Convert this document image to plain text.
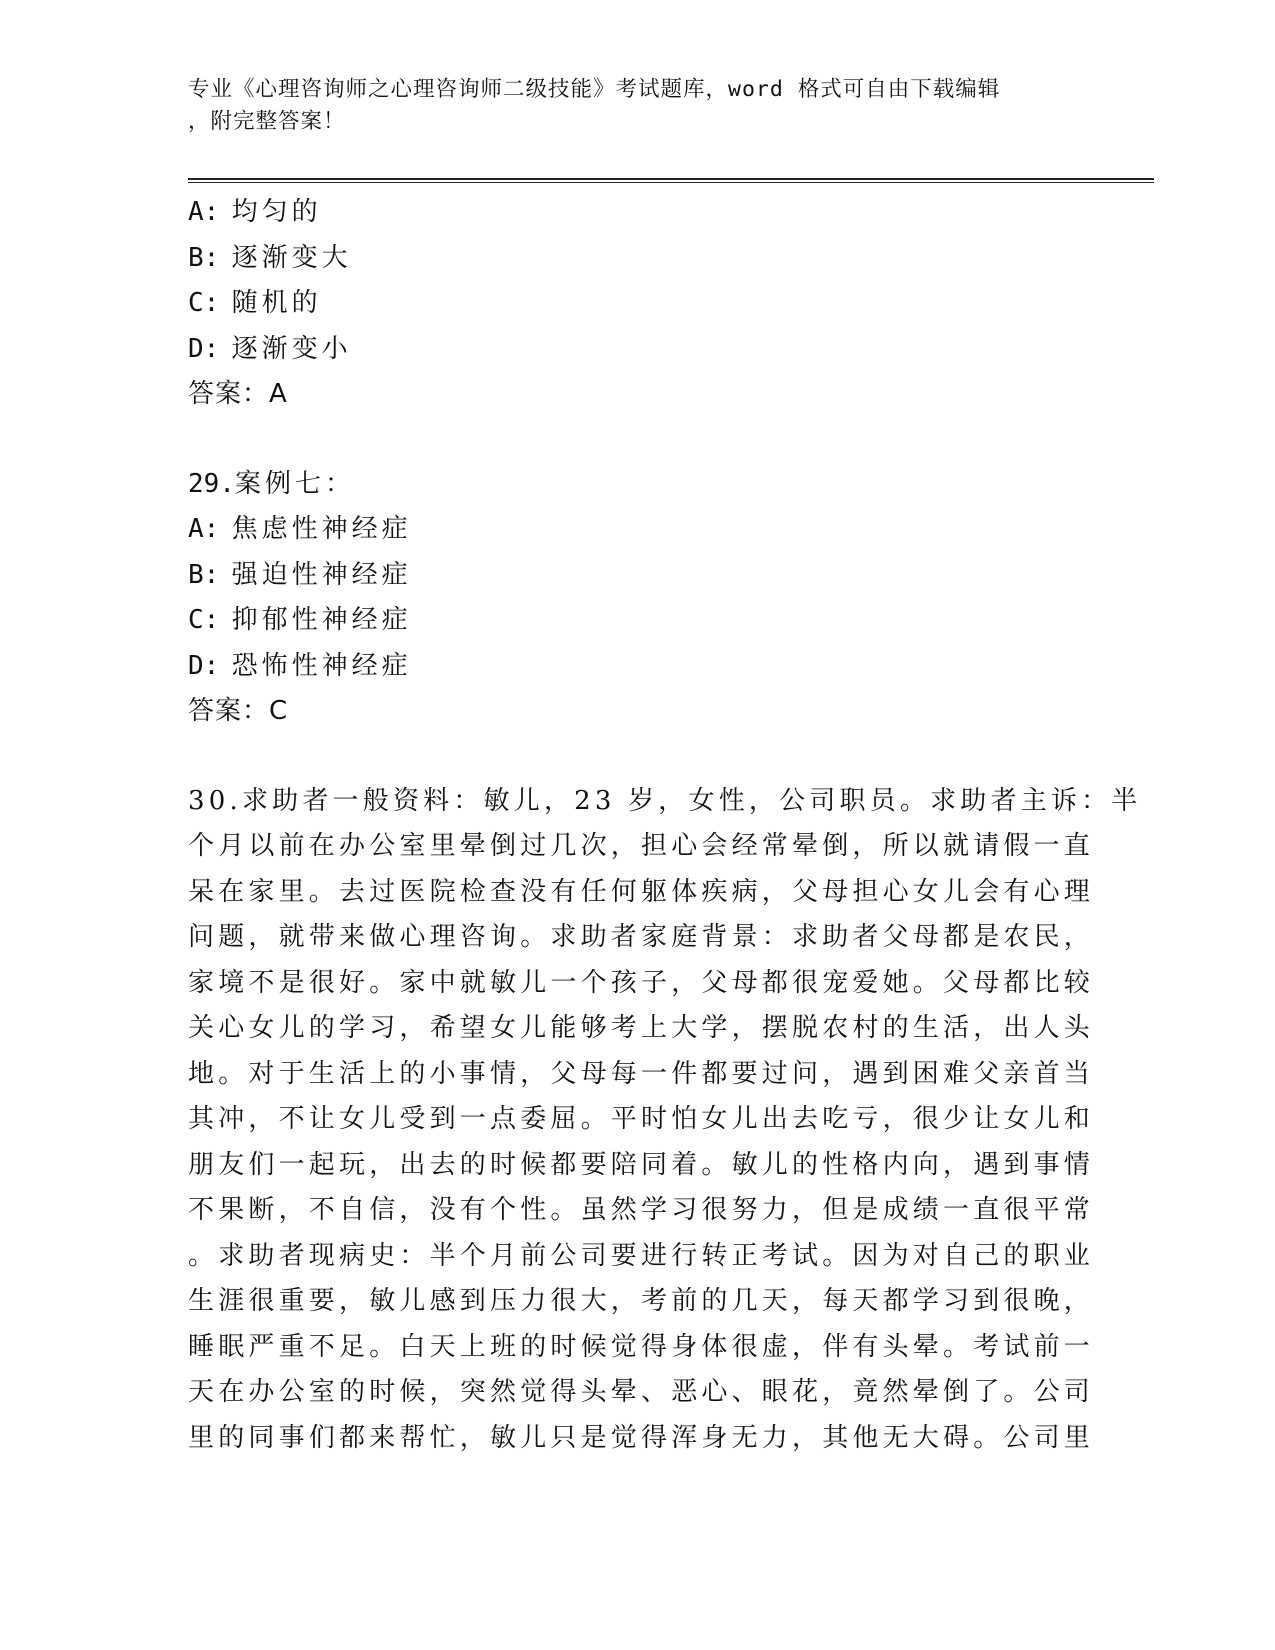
专业《心理咨询师之心理咨询师二级技能》考试题库，word 格式可自由下载编辑
，附完整答案！
A: 均匀的
B: 逐渐变大
C: 随机的
D: 逐渐变小
答案：A
29.案例七：
A: 焦虑性神经症
B: 强迫性神经症
C: 抑郁性神经症
D: 恐怖性神经症
答案：C
30.求助者一般资料：敏儿，23 岁，女性，公司职员。求助者主诉：半
个月以前在办公室里晕倒过几次，担心会经常晕倒，所以就请假一直
呆在家里。去过医院检查没有任何躯体疾病，父母担心女儿会有心理
问题，就带来做心理咨询。求助者家庭背景：求助者父母都是农民，
家境不是很好。家中就敏儿一个孩子，父母都很宠爱她。父母都比较
关心女儿的学习，希望女儿能够考上大学，摆脱农村的生活，出人头
地。对于生活上的小事情，父母每一件都要过问，遇到困难父亲首当
其冲，不让女儿受到一点委屈。平时怕女儿出去吃亏，很少让女儿和
朋友们一起玩，出去的时候都要陪同着。敏儿的性格内向，遇到事情
不果断，不自信，没有个性。虽然学习很努力，但是成绩一直很平常
。求助者现病史：半个月前公司要进行转正考试。因为对自己的职业
生涯很重要，敏儿感到压力很大，考前的几天，每天都学习到很晚，
睡眠严重不足。白天上班的时候觉得身体很虚，伴有头晕。考试前一
天在办公室的时候，突然觉得头晕、恶心、眼花，竟然晕倒了。公司
里的同事们都来帮忙，敏儿只是觉得浑身无力，其他无大碍。公司里
